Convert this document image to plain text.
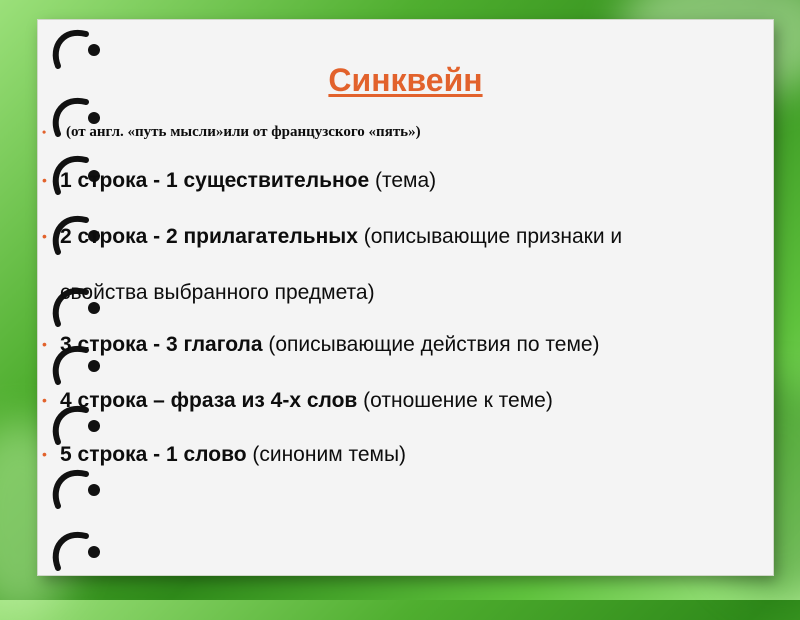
Синквейн
• (от англ. «путь мысли»или от французского «пять»)
• 1 строка - 1 существительное (тема)
• 2 строка - 2 прилагательных (описывающие признаки и
свойства выбранного предмета)
• 3 строка - 3 глагола (описывающие действия по теме)
• 4 строка – фраза из 4-х слов (отношение к теме)
• 5 строка - 1 слово (синоним темы)
